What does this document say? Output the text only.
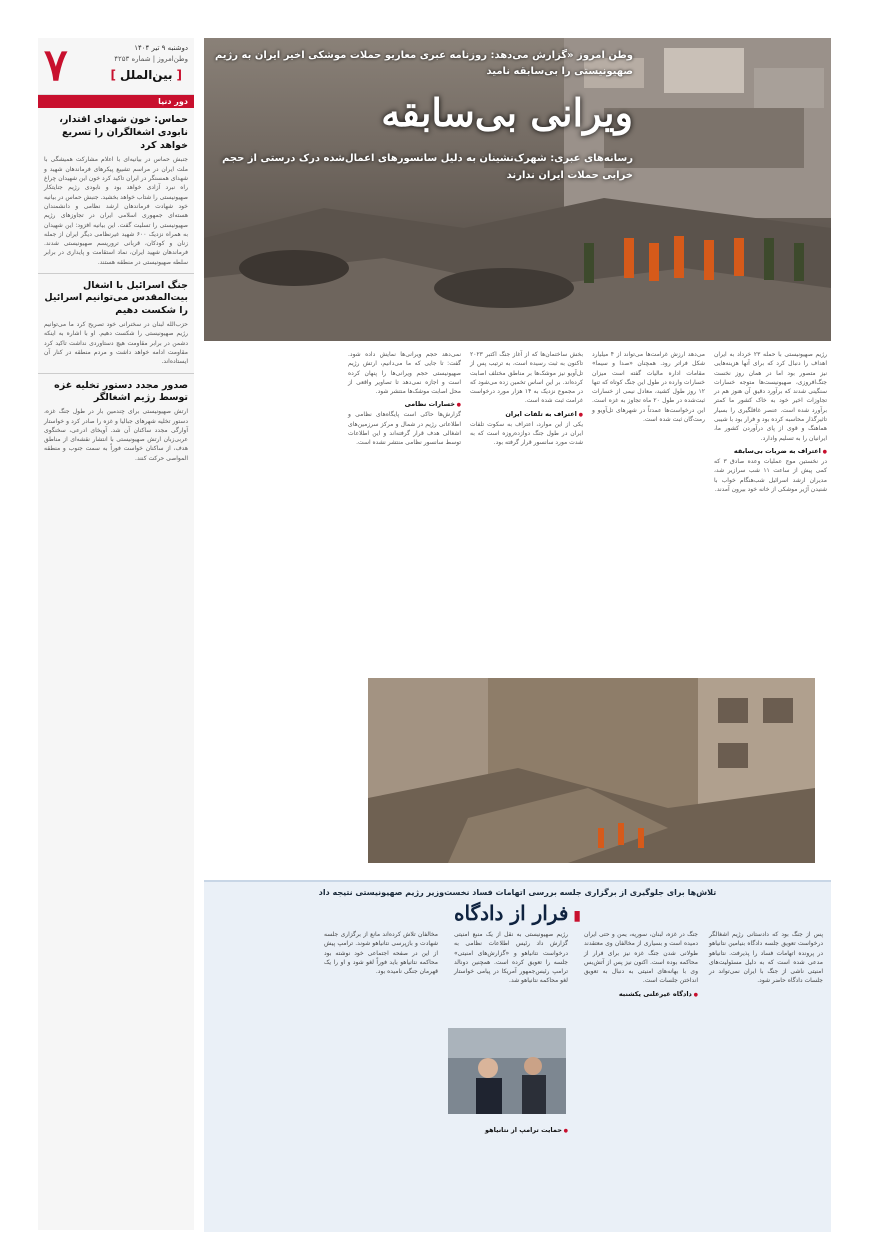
۷	دوشنبه ۹ تیر ۱۴۰۴
وطن‌امروز | شماره ۴۲۵۳
[ بین‌الملل ]
دور دنیا
حماس: خون شهدای اقتدار، نابودی اشغالگران را تسریع خواهد کرد
جنبش حماس در بیانیه‌ای با اعلام مشارکت همیشگی با ملت ایران در مراسم تشییع پیکرهای فرماندهان شهید و شهدای همسنگر در ایران تاکید کرد خون این شهیدان چراغ راه نبرد آزادی خواهد بود و نابودی رژیم جنایتکار صهیونیستی را شتاب خواهد بخشید. جنبش حماس در بیانیه خود شهادت فرماندهان ارشد نظامی و دانشمندان هسته‌ای جمهوری اسلامی ایران در تجاوزهای رژیم صهیونیستی را تسلیت گفت. این بیانیه افزود: این شهیدان به همراه نزدیک ۶۰۰ شهید غیرنظامی دیگر ایران از جمله زنان و کودکان، قربانی تروریسم صهیونیستی شدند. فرماندهان شهید ایران، نماد استقامت و پایداری در برابر سلطه صهیونیستی در منطقه هستند.
جنگ اسرائیل با اشغال بیت‌المقدس می‌توانیم اسرائیل را شکست دهیم
حزب‌الله لبنان در سخنرانی خود تصریح کرد ما می‌توانیم رژیم صهیونیستی را شکست دهیم. او با اشاره به اینکه دشمن در برابر مقاومت هیچ دستاوردی نداشت تاکید کرد مقاومت ادامه خواهد داشت و مردم منطقه در کنار آن ایستاده‌اند.
صدور مجدد دستور تخلیه غزه توسط رژیم اشغالگر
ارتش صهیونیستی برای چندمین بار در طول جنگ غزه، دستور تخلیه شهرهای جبالیا و غزه را صادر کرد و خواستار آوارگی مجدد ساکنان آن شد. آویخای ادرعی، سخنگوی عربی‌زبان ارتش صهیونیستی با انتشار نقشه‌ای از مناطق هدف، از ساکنان خواست فوراً به سمت جنوب و منطقه المواصی حرکت کنند.
وطن امروز «گزارش می‌دهد: روزنامه عبری معاریو حملات موشکی اخیر ایران به رژیم صهیونیستی را بی‌سابقه نامید
ویرانی بی‌سابقه
رسانه‌های عبری: شهرک‌نشینان به دلیل سانسورهای اعمال‌شده درک درستی از حجم خرابی حملات ایران ندارند
رژیم صهیونیستی با حمله ۲۳ خرداد به ایران اهداف را دنبال کرد که برای آنها هزینه‌هایی نیز متصور بود اما در همان روز نخست جنگ‌افروزی، صهیونیست‌ها متوجه خسارات سنگینی شدند که برآورد دقیق آن هنوز هم در تجاوزات اخیر خود به خاک کشور ما کمتر برآورد شده است. عنصر غافلگیری را بسیار تاثیرگذار محاسبه کرده بود و فرار بود با شیبی هماهنگ و قوی از پای درآوردن کشور ما، ایرانیان را به تسلیم وادارد.
● اعتراف به ضربات بی‌سابقه
در نخستین موج عملیات وعده صادق ۳ که کمی پیش از ساعت ۱۱ شب سرازیر شد، مدیران ارشد اسرائیل شب‌هنگام خواب با شنیدن آژیر موشکی از خانه خود بیرون آمدند.
می‌دهد ارزش غرامت‌ها می‌تواند از ۴ میلیارد شکل فراتر رود. همچنان «صدا و سیما» مقامات اداره مالیات گفته است میزان خسارات وارده در طول این جنگ کوتاه که تنها ۱۲ روز طول کشید، معادل نیمی از خسارات ثبت‌شده در طول ۲۰ ماه تجاوز به غزه است. این درخواست‌ها عمدتاً در شهرهای تل‌آویو و رمت‌گان ثبت شده است.
بخش ساختمان‌ها که از آغاز جنگ اکتبر ۲۰۲۳ تاکنون به ثبت رسیده است، به ترتیب پس از تل‌آویو نیز موشک‌ها بر مناطق مختلف اصابت کرده‌اند. بر این اساس تخمین زده می‌شود که در مجموع نزدیک به ۱۴ هزار مورد درخواست غرامت ثبت شده است.
● اعتراف به تلفات ایران
یکی از این موارد، اعتراف به سکوت تلفات ایران در طول جنگ دوازده‌روزه است که به شدت مورد سانسور قرار گرفته بود.
نمی‌دهد حجم ویرانی‌ها نمایش داده شود. گفت: تا جایی که ما می‌دانیم، ارتش رژیم صهیونیستی حجم ویرانی‌ها را پنهان کرده است و اجازه نمی‌دهد تا تصاویر واقعی از محل اصابت موشک‌ها منتشر شود.
● خسارات نظامی
گزارش‌ها حاکی است پایگاه‌های نظامی و اطلاعاتی رژیم در شمال و مرکز سرزمین‌های اشغالی هدف قرار گرفته‌اند و این اطلاعات توسط سانسور نظامی منتشر نشده است.
تلاش‌ها برای جلوگیری از برگزاری جلسه بررسی اتهامات فساد نخست‌وزیر رژیم صهیونیستی نتیجه داد
▮ فرار از دادگاه
پس از جنگ بود که دادستانی رژیم اشغالگر درخواست تعویق جلسه دادگاه بنیامین نتانیاهو در پرونده اتهامات فساد را پذیرفت. نتانیاهو مدعی شده است که به دلیل مسئولیت‌های امنیتی ناشی از جنگ با ایران نمی‌تواند در جلسات دادگاه حاضر شود.
جنگ در غزه، لبنان، سوریه، یمن و حتی ایران دمیده است و بسیاری از مخالفان وی معتقدند طولانی شدن جنگ غزه نیز برای فرار از محاکمه بوده است. اکنون نیز پس از آتش‌بس وی با بهانه‌های امنیتی به دنبال به تعویق انداختن جلسات است.
● دادگاه غیرعلنی یکشنبه
رژیم صهیونیستی به نقل از یک منبع امنیتی گزارش داد رئیس اطلاعات نظامی به درخواست نتانیاهو و «گزارش‌های امنیتی» جلسه را تعویق کرده است. همچنین دونالد ترامپ رئیس‌جمهور آمریکا در پیامی خواستار لغو محاکمه نتانیاهو شد.
● حمایت ترامپ از نتانیاهو
مخالفان تلاش کرده‌اند مانع از برگزاری جلسه شهادت و بازپرسی نتانیاهو شوند. ترامپ پیش از این در صفحه اجتماعی خود نوشته بود محاکمه نتانیاهو باید فوراً لغو شود و او را یک قهرمان جنگی نامیده بود.
